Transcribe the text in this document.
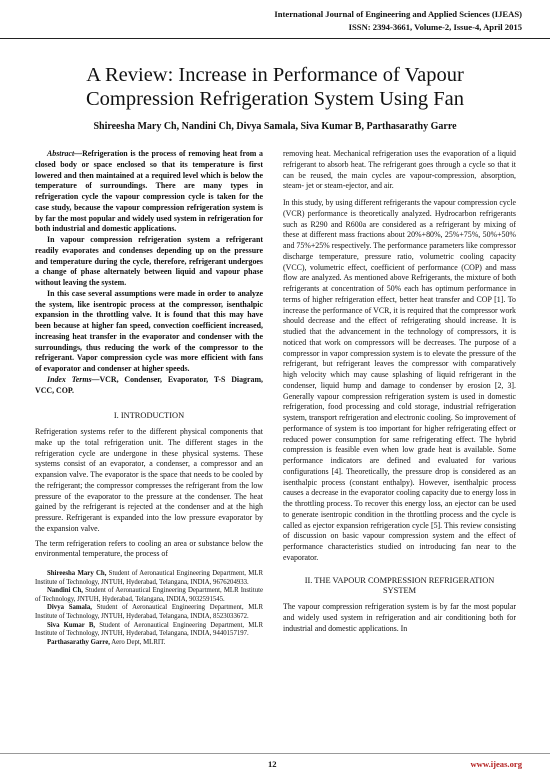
International Journal of Engineering and Applied Sciences (IJEAS)
ISSN: 2394-3661, Volume-2, Issue-4, April 2015
A Review: Increase in Performance of Vapour Compression Refrigeration System Using Fan
Shireesha Mary Ch, Nandini Ch, Divya Samala, Siva Kumar B, Parthasarathy Garre

Abstract—Refrigeration is the process of removing heat from a closed body or space enclosed so that its temperature is first lowered and then maintained at a required level which is below the temperature of surroundings. There are many types in refrigeration cycle the vapour compression cycle is taken for the case study, because the vapour compression refrigeration system is by far the most popular and widely used system in refrigeration for both industrial and domestic applications.

In vapour compression refrigeration system a refrigerant readily evaporates and condenses depending up on the pressure and temperature during the cycle, therefore, refrigerant undergoes a change of phase alternately between liquid and vapour phase without leaving the system.

In this case several assumptions were made in order to analyze the system, like isentropic process at the compressor, isenthalpic expansion in the throttling valve. It is found that this may have been because at higher fan speed, convection coefficient increased, increasing heat transfer in the evaporator and condenser with the surroundings, thus reducing the work of the compressor to the refrigerant. Vapor compression cycle was more efficient with fans of evaporator and condenser at higher speeds.

Index Terms—VCR, Condenser, Evaporator, T-S Diagram, VCC, COP.

I. INTRODUCTION

Refrigeration systems refer to the different physical components that make up the total refrigeration unit. The different stages in the refrigeration cycle are undergone in these physical systems. These systems consist of an evaporator, a condenser, a compressor and an expansion valve. The evaporator is the space that needs to be cooled by the refrigerant; the compressor compresses the refrigerant from the low pressure of the evaporator to the pressure at the condenser. The heat gained by the refrigerant is rejected at the condenser and at the high pressure. Refrigerant is expanded into the low pressure evaporator by the expansion valve.

The term refrigeration refers to cooling an area or substance below the environmental temperature, the process of

Shireesha Mary Ch, Student of Aeronautical Engineering Department, MLR Institute of Technology, JNTUH, Hyderabad, Telangana, INDIA, 9676204933.

Nandini Ch, Student of Aeronautical Engineering Department, MLR Institute of Technology, JNTUH, Hyderabad, Telangana, INDIA, 9032591545.

Divya Samala, Student of Aeronautical Engineering Department, MLR Institute of Technology, JNTUH, Hyderabad, Telangana, INDIA, 8523033672.

Siva Kumar B, Student of Aeronautical Engineering Department, MLR Institute of Technology, JNTUH, Hyderabad, Telangana, INDIA, 9440157197.

Parthasarathy Garre, Aero Dept, MLRIT.

removing heat. Mechanical refrigeration uses the evaporation of a liquid refrigerant to absorb heat. The refrigerant goes through a cycle so that it can be reused, the main cycles are vapour-compression, absorption, steam- jet or steam-ejector, and air.

In this study, by using different refrigerants the vapour compression cycle (VCR) performance is theoretically analyzed. Hydrocarbon refrigerants such as R290 and R600a are considered as a refrigerant by mixing of these at different mass fractions about 20%+80%, 25%+75%, 50%+50% and 75%+25% respectively. The performance parameters like compressor discharge temperature, pressure ratio, volumetric cooling capacity (VCC), volumetric effect, coefficient of performance (COP) and mass flow are analyzed. As mentioned above Refrigerants, the mixture of both refrigerants at concentration of 50% each has optimum performance in terms of higher refrigeration effect, better heat transfer and COP [1]. To increase the performance of VCR, it is required that the compressor work should decrease and the effect of refrigerating should increase. It is studied that the advancement in the technology of compressors, it is noticed that work on compressors will be decreases. The purpose of a compressor in vapor compression system is to elevate the pressure of the refrigerant, but refrigerant leaves the compressor with comparatively high velocity which may cause splashing of liquid refrigerant in the condenser, liquid hump and damage to condenser by erosion [2, 3]. Generally vapour compression refrigeration system is used in domestic refrigeration, food processing and cold storage, industrial refrigeration system, transport refrigeration and electronic cooling. So improvement of performance of system is too important for higher refrigerating effect or reduced power consumption for same refrigerating effect. The hybrid compression is feasible even when low grade heat is available. Some performance indicators are defined and evaluated for various configurations [4]. Theoretically, the pressure drop is considered as an isenthalpic process (constant enthalpy). However, isenthalpic process causes a decrease in the evaporator cooling capacity due to energy loss in the throttling process. To recover this energy loss, an ejector can be used to generate isentropic condition in the throttling process and the cycle is called as ejector expansion refrigeration cycle [5]. This review consisting of discussion on basic vapour compression system and the effect of performance characteristics studied on introducing fan near to the evaporator.

II. THE VAPOUR COMPRESSION REFRIGERATION SYSTEM

The vapour compression refrigeration system is by far the most popular and widely used system in refrigeration and air conditioning both for industrial and domestic applications. In

12	www.ijeas.org
